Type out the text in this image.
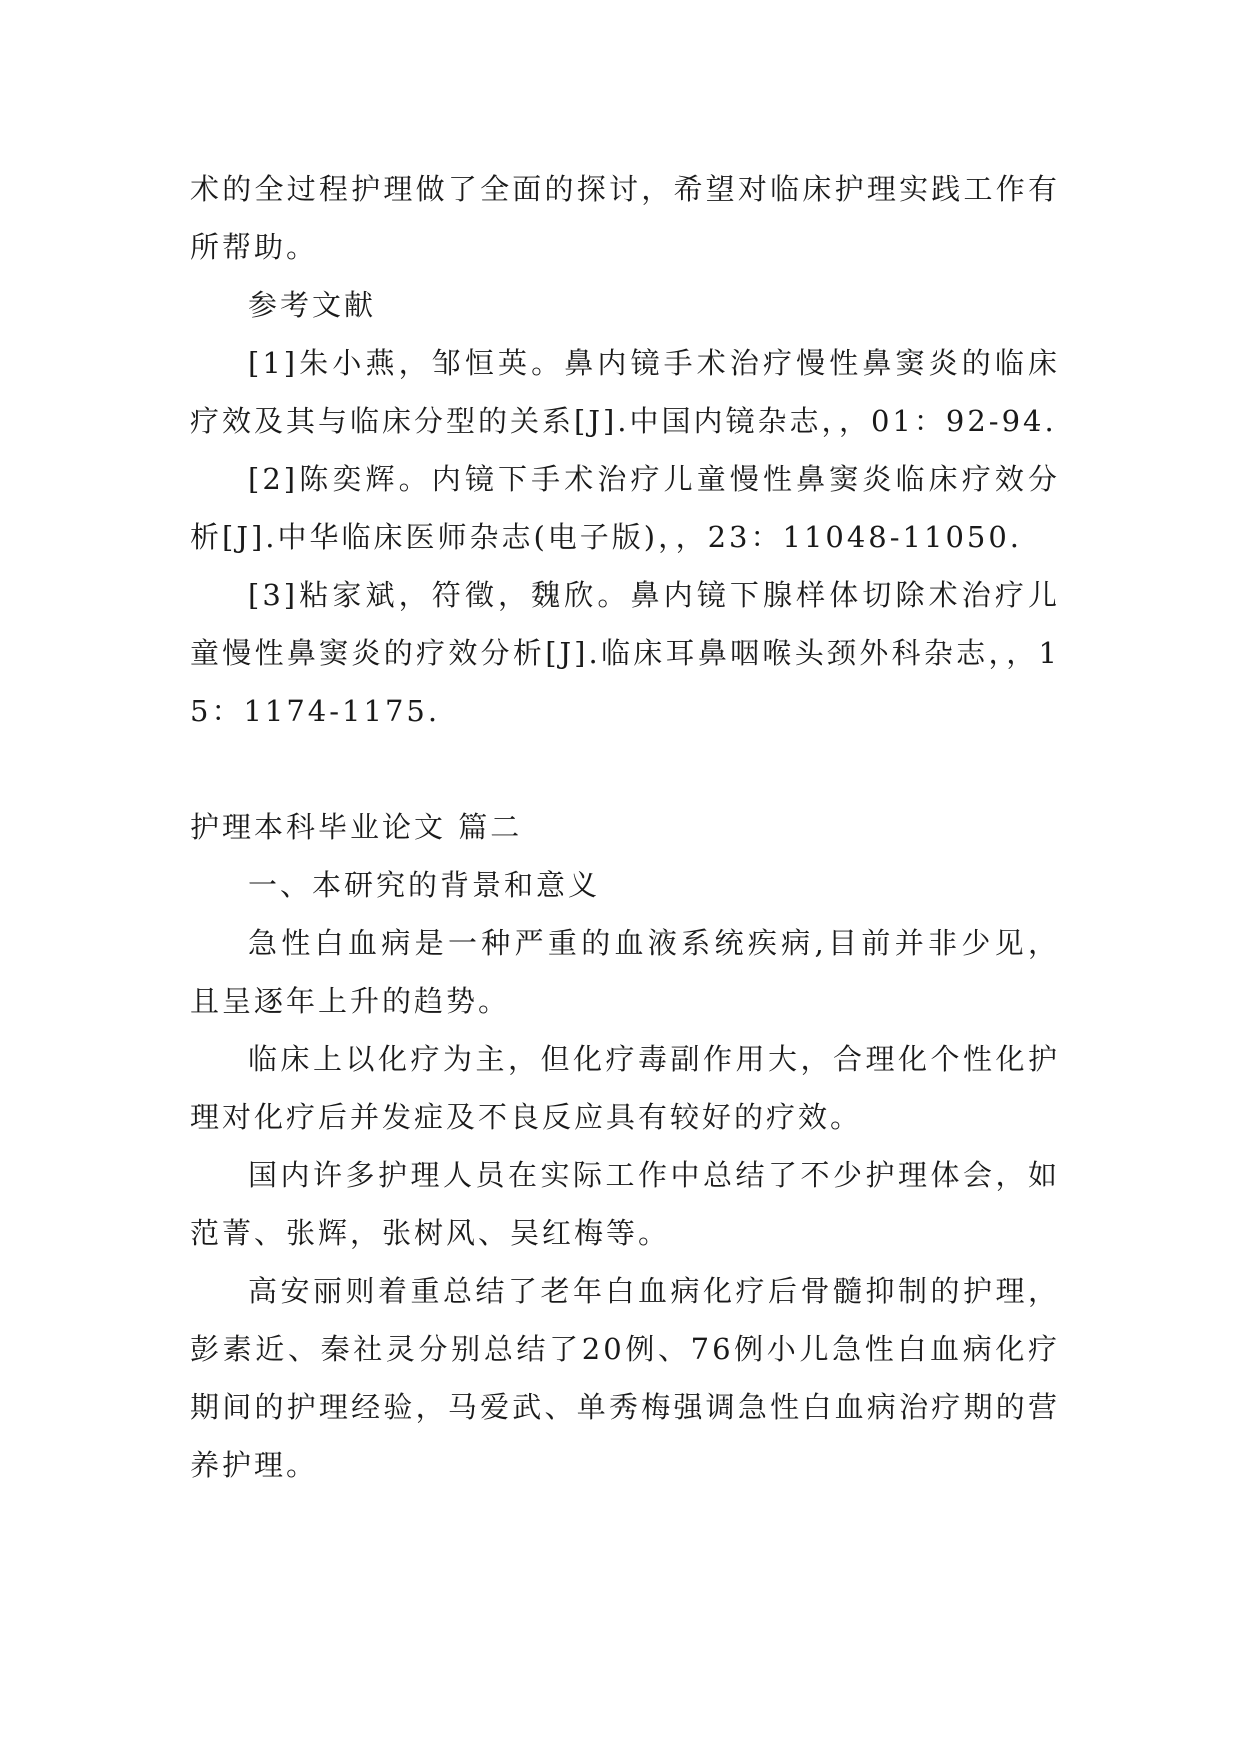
术的全过程护理做了全面的探讨，希望对临床护理实践工作有所帮助。

参考文献

[1]朱小燕，邹恒英。鼻内镜手术治疗慢性鼻窦炎的临床疗效及其与临床分型的关系[J].中国内镜杂志，，01：92-94.

[2]陈奕辉。内镜下手术治疗儿童慢性鼻窦炎临床疗效分析[J].中华临床医师杂志(电子版)，，23：11048-11050.

[3]粘家斌，符徵，魏欣。鼻内镜下腺样体切除术治疗儿童慢性鼻窦炎的疗效分析[J].临床耳鼻咽喉头颈外科杂志，，15：1174-1175.

护理本科毕业论文 篇二

一、本研究的背景和意义

急性白血病是一种严重的血液系统疾病,目前并非少见，且呈逐年上升的趋势。

临床上以化疗为主，但化疗毒副作用大，合理化个性化护理对化疗后并发症及不良反应具有较好的疗效。

国内许多护理人员在实际工作中总结了不少护理体会，如范菁、张辉，张树风、吴红梅等。

高安丽则着重总结了老年白血病化疗后骨髓抑制的护理，彭素近、秦社灵分别总结了20例、76例小儿急性白血病化疗期间的护理经验，马爱武、单秀梅强调急性白血病治疗期的营养护理。
